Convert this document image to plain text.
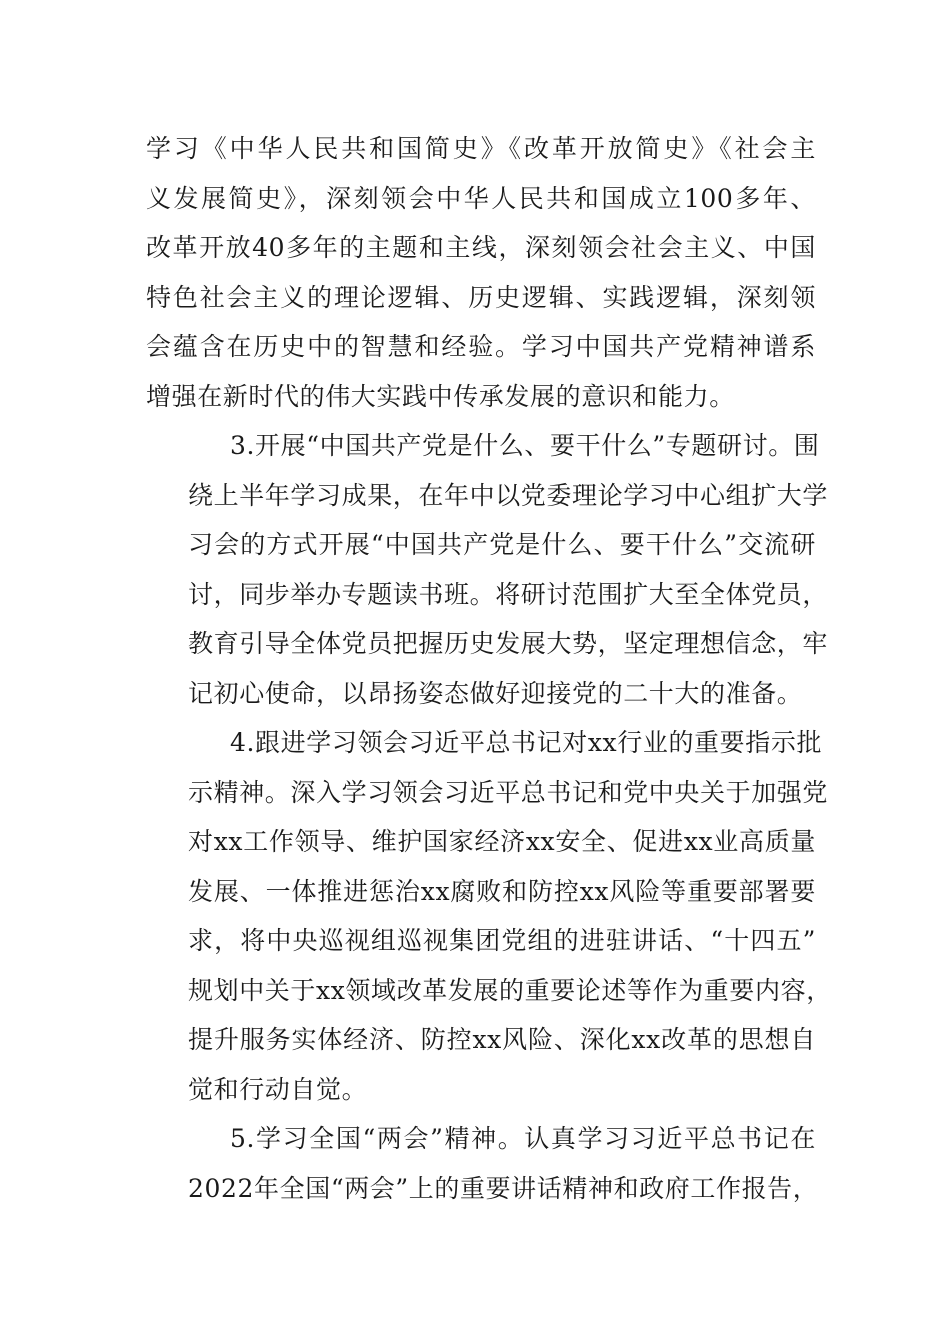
学习《中华人民共和国简史》《改革开放简史》《社会主
义发展简史》，深刻领会中华人民共和国成立100多年、
改革开放40多年的主题和主线，深刻领会社会主义、中国
特色社会主义的理论逻辑、历史逻辑、实践逻辑，深刻领
会蕴含在历史中的智慧和经验。学习中国共产党精神谱系
增强在新时代的伟大实践中传承发展的意识和能力。
3.开展“中国共产党是什么、要干什么”专题研讨。围
绕上半年学习成果，在年中以党委理论学习中心组扩大学
习会的方式开展“中国共产党是什么、要干什么”交流研
讨，同步举办专题读书班。将研讨范围扩大至全体党员，
教育引导全体党员把握历史发展大势，坚定理想信念，牢
记初心使命，以昂扬姿态做好迎接党的二十大的准备。
4.跟进学习领会习近平总书记对xx行业的重要指示批
示精神。深入学习领会习近平总书记和党中央关于加强党
对xx工作领导、维护国家经济xx安全、促进xx业高质量
发展、一体推进惩治xx腐败和防控xx风险等重要部署要
求，将中央巡视组巡视集团党组的进驻讲话、“十四五”
规划中关于xx领域改革发展的重要论述等作为重要内容，
提升服务实体经济、防控xx风险、深化xx改革的思想自
觉和行动自觉。
5.学习全国“两会”精神。认真学习习近平总书记在
2022年全国“两会”上的重要讲话精神和政府工作报告，
